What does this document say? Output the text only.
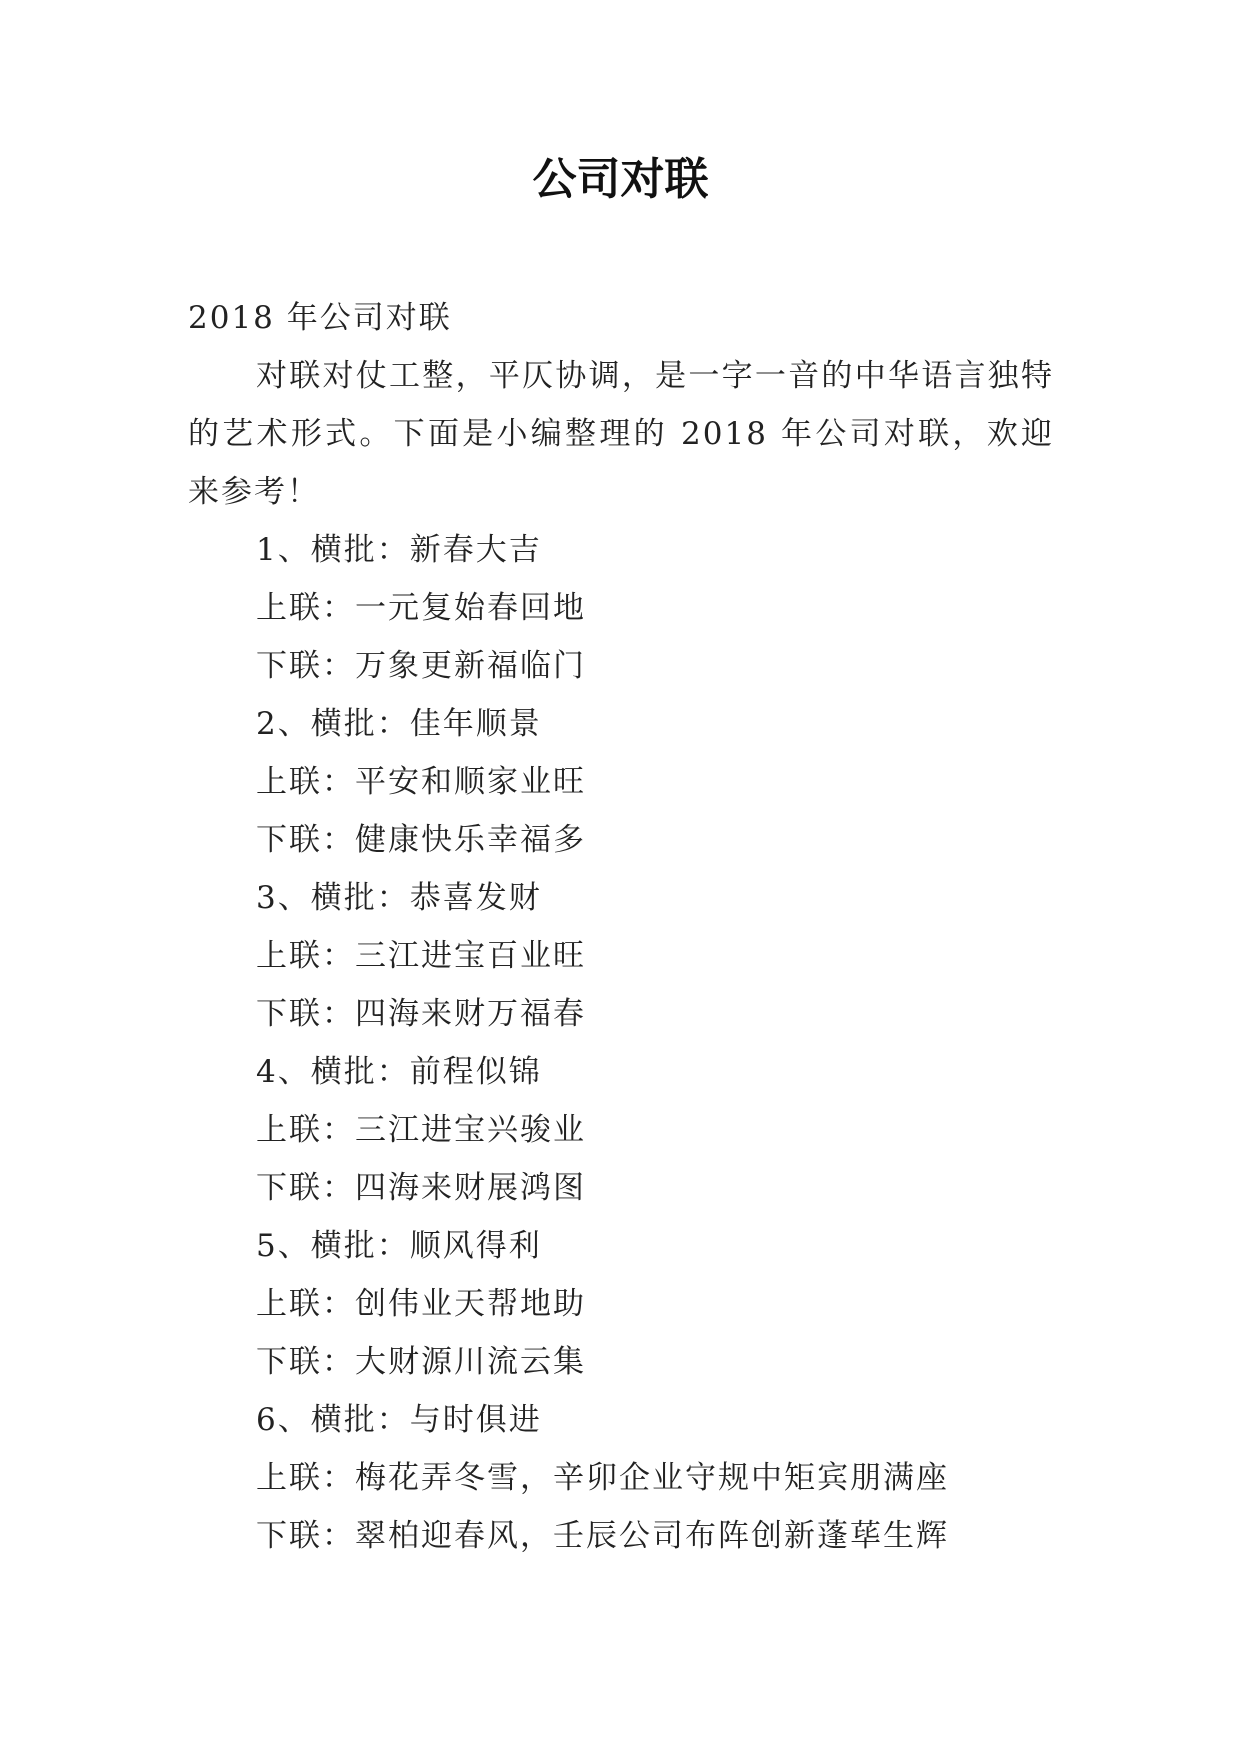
公司对联
2018 年公司对联
对联对仗工整，平仄协调，是一字一音的中华语言独特的艺术形式。下面是小编整理的 2018 年公司对联，欢迎来参考！
1、横批：新春大吉
上联：一元复始春回地
下联：万象更新福临门
2、横批：佳年顺景
上联：平安和顺家业旺
下联：健康快乐幸福多
3、横批：恭喜发财
上联：三江进宝百业旺
下联：四海来财万福春
4、横批：前程似锦
上联：三江进宝兴骏业
下联：四海来财展鸿图
5、横批：顺风得利
上联：创伟业天帮地助
下联：大财源川流云集
6、横批：与时俱进
上联：梅花弄冬雪，辛卯企业守规中矩宾朋满座
下联：翠柏迎春风，壬辰公司布阵创新蓬荜生辉
